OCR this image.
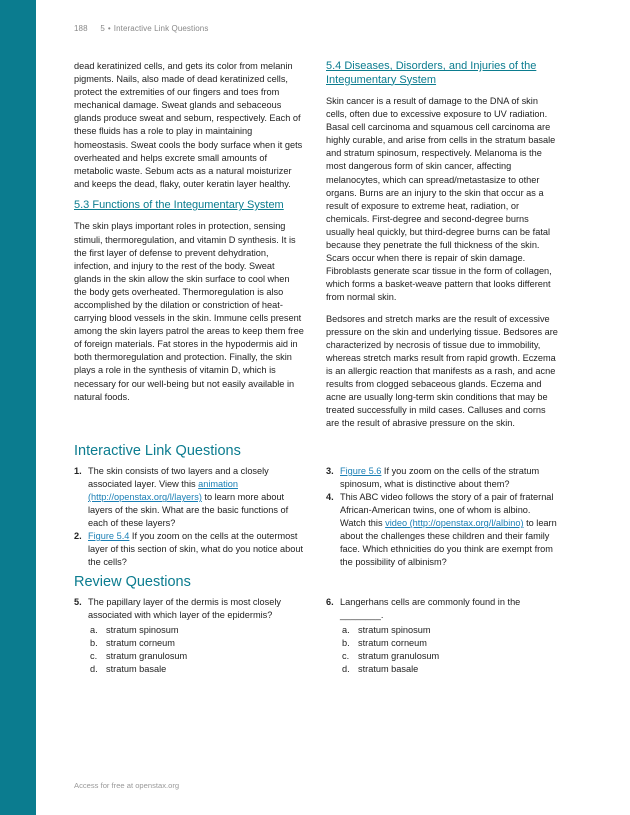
188 5 • Interactive Link Questions

dead keratinized cells, and gets its color from melanin pigments. Nails, also made of dead keratinized cells, protect the extremities of our fingers and toes from mechanical damage. Sweat glands and sebaceous glands produce sweat and sebum, respectively. Each of these fluids has a role to play in maintaining homeostasis. Sweat cools the body surface when it gets overheated and helps excrete small amounts of metabolic waste. Sebum acts as a natural moisturizer and keeps the dead, flaky, outer keratin layer healthy.

5.3 Functions of the Integumentary System

The skin plays important roles in protection, sensing stimuli, thermoregulation, and vitamin D synthesis. It is the first layer of defense to prevent dehydration, infection, and injury to the rest of the body. Sweat glands in the skin allow the skin surface to cool when the body gets overheated. Thermoregulation is also accomplished by the dilation or constriction of heat-carrying blood vessels in the skin. Immune cells present among the skin layers patrol the areas to keep them free of foreign materials. Fat stores in the hypodermis aid in both thermoregulation and protection. Finally, the skin plays a role in the synthesis of vitamin D, which is necessary for our well-being but not easily available in natural foods.

5.4 Diseases, Disorders, and Injuries of the Integumentary System

Skin cancer is a result of damage to the DNA of skin cells, often due to excessive exposure to UV radiation. Basal cell carcinoma and squamous cell carcinoma are highly curable, and arise from cells in the stratum basale and stratum spinosum, respectively. Melanoma is the most dangerous form of skin cancer, affecting melanocytes, which can spread/metastasize to other organs. Burns are an injury to the skin that occur as a result of exposure to extreme heat, radiation, or chemicals. First-degree and second-degree burns usually heal quickly, but third-degree burns can be fatal because they penetrate the full thickness of the skin. Scars occur when there is repair of skin damage. Fibroblasts generate scar tissue in the form of collagen, which forms a basket-weave pattern that looks different from normal skin.

Bedsores and stretch marks are the result of excessive pressure on the skin and underlying tissue. Bedsores are characterized by necrosis of tissue due to immobility, whereas stretch marks result from rapid growth. Eczema is an allergic reaction that manifests as a rash, and acne results from clogged sebaceous glands. Eczema and acne are usually long-term skin conditions that may be treated successfully in mild cases. Calluses and corns are the result of abrasive pressure on the skin.

Interactive Link Questions
1. The skin consists of two layers and a closely associated layer. View this animation (http://openstax.org/l/layers) to learn more about layers of the skin. What are the basic functions of each of these layers?
2. Figure 5.4 If you zoom on the cells at the outermost layer of this section of skin, what do you notice about the cells?
3. Figure 5.6 If you zoom on the cells of the stratum spinosum, what is distinctive about them?
4. This ABC video follows the story of a pair of fraternal African-American twins, one of whom is albino. Watch this video (http://openstax.org/l/albino) to learn about the challenges these children and their family face. Which ethnicities do you think are exempt from the possibility of albinism?
Review Questions
5. The papillary layer of the dermis is most closely associated with which layer of the epidermis?
a. stratum spinosum
b. stratum corneum
c. stratum granulosum
d. stratum basale
6. Langerhans cells are commonly found in the ________.
a. stratum spinosum
b. stratum corneum
c. stratum granulosum
d. stratum basale
Access for free at openstax.org
